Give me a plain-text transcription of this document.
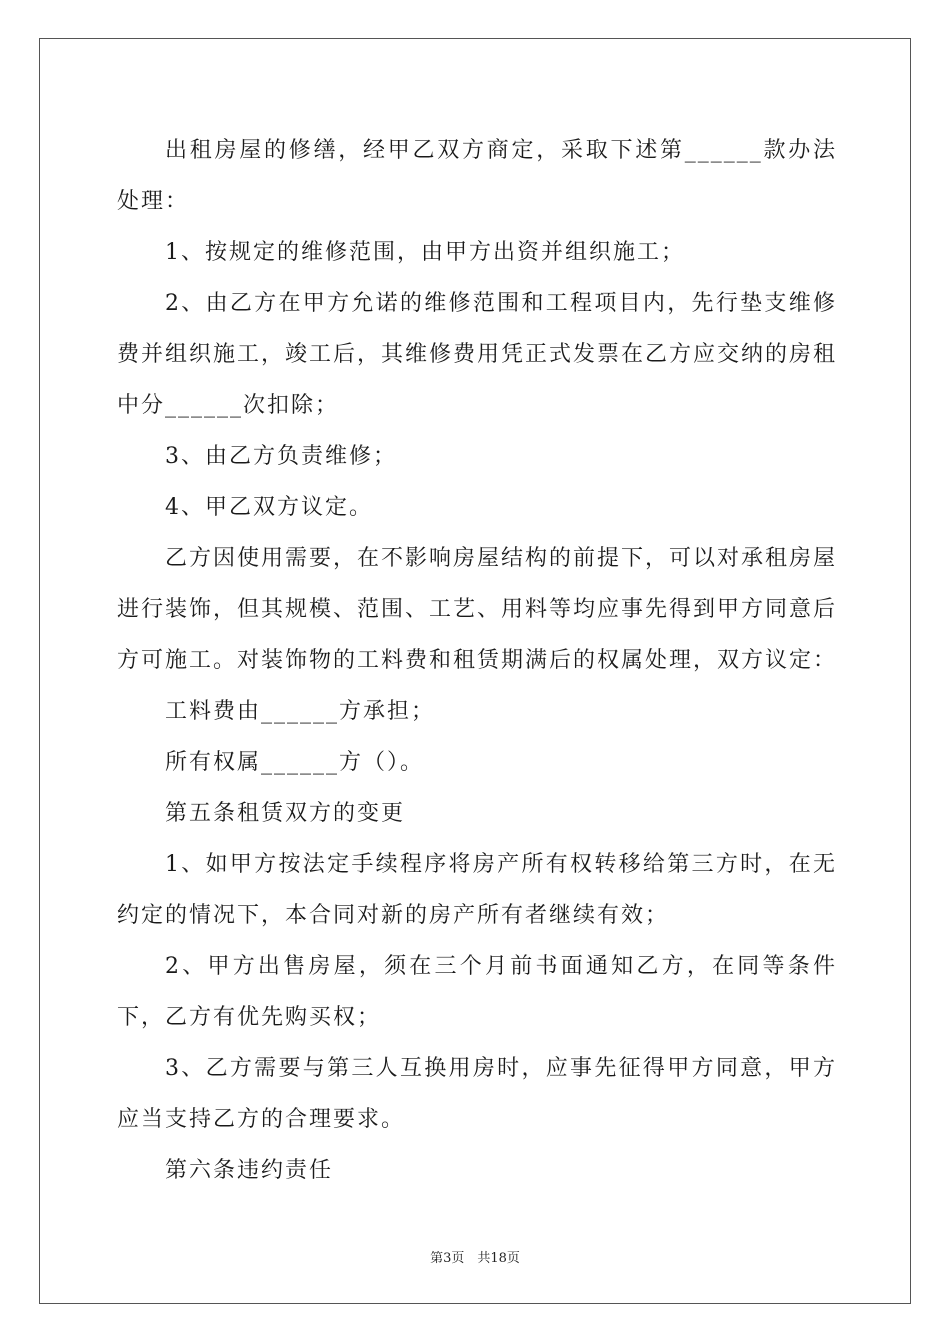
出租房屋的修缮，经甲乙双方商定，采取下述第______款办法处理：

1、按规定的维修范围，由甲方出资并组织施工；

2、由乙方在甲方允诺的维修范围和工程项目内，先行垫支维修费并组织施工，竣工后，其维修费用凭正式发票在乙方应交纳的房租中分______次扣除；

3、由乙方负责维修；

4、甲乙双方议定。

乙方因使用需要，在不影响房屋结构的前提下，可以对承租房屋进行装饰，但其规模、范围、工艺、用料等均应事先得到甲方同意后方可施工。对装饰物的工料费和租赁期满后的权属处理，双方议定：

工料费由______方承担；

所有权属______方（）。

第五条租赁双方的变更

1、如甲方按法定手续程序将房产所有权转移给第三方时，在无约定的情况下，本合同对新的房产所有者继续有效；

2、甲方出售房屋，须在三个月前书面通知乙方，在同等条件下，乙方有优先购买权；

3、乙方需要与第三人互换用房时，应事先征得甲方同意，甲方应当支持乙方的合理要求。

第六条违约责任

第3页　共18页
